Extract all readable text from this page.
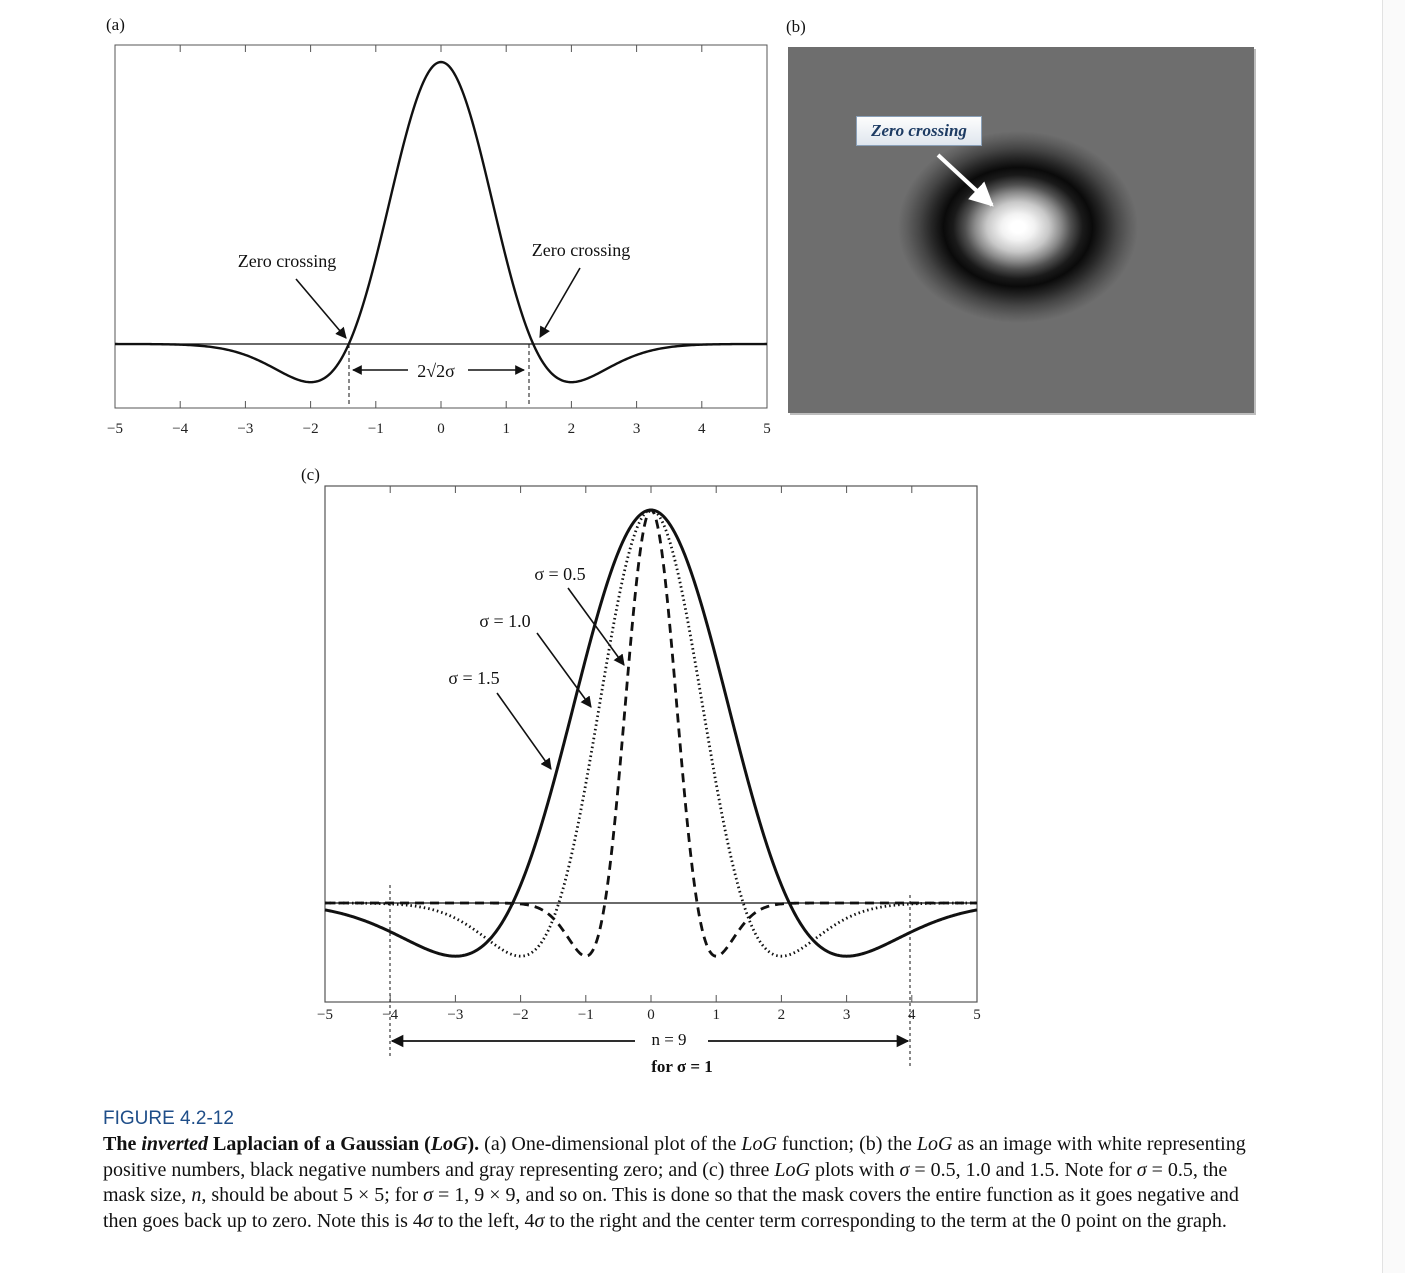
(a)	(b)
(c)
2√2σ
Zero crossing
Zero crossing
−5	−4	−3	−2	−1	0	1	2	3	4	5
Zero crossing
σ = 0.5
σ = 1.0
σ = 1.5
−5	−4	−3	−2	−1	0	1	2	3	4	5
n = 9
for σ = 1
FIGURE 4.2-12
The inverted Laplacian of a Gaussian (LoG). (a) One-dimensional plot of the LoG function; (b) the LoG as an image with white representing positive numbers, black negative numbers and gray representing zero; and (c) three LoG plots with σ = 0.5, 1.0 and 1.5. Note for σ = 0.5, the mask size, n, should be about 5 × 5; for σ = 1, 9 × 9, and so on. This is done so that the mask covers the entire function as it goes negative and then goes back up to zero. Note this is 4σ to the left, 4σ to the right and the center term corresponding to the term at the 0 point on the graph.
